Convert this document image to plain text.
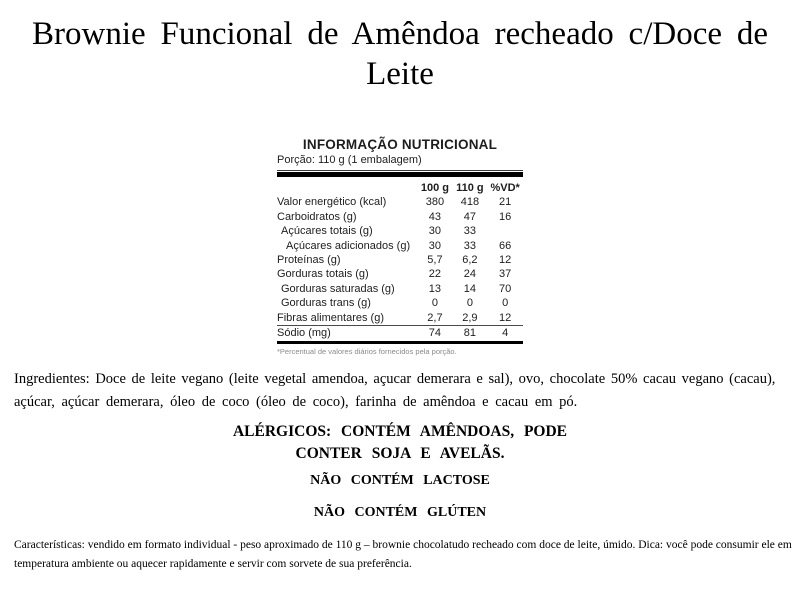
Brownie Funcional de Amêndoa recheado c/Doce de
Leite
INFORMAÇÃO NUTRICIONAL
Porção: 110 g (1 embalagem)
	100 g	110 g	%VD*
Valor energético (kcal)	380	418	21
Carboidratos (g)	43	47	16
Açúcares totais (g)	30	33	
Açúcares adicionados (g)	30	33	66
Proteínas (g)	5,7	6,2	12
Gorduras totais (g)	22	24	37
Gorduras saturadas (g)	13	14	70
Gorduras trans (g)	0	0	0
Fibras alimentares (g)	2,7	2,9	12
Sódio (mg)	74	81	4
*Percentual de valores diários fornecidos pela porção.
Ingredientes: Doce de leite vegano (leite vegetal amendoa, açucar demerara e sal), ovo, chocolate 50% cacau vegano (cacau),
açúcar, açúcar demerara, óleo de coco (óleo de coco), farinha de amêndoa e cacau em pó.
ALÉRGICOS: CONTÉM AMÊNDOAS, PODE
CONTER SOJA E AVELÃS.
NÃO CONTÉM LACTOSE
NÃO CONTÉM GLÚTEN
Características: vendido em formato individual - peso aproximado de 110 g – brownie chocolatudo recheado com doce de leite, úmido. Dica: você pode consumir ele em
temperatura ambiente ou aquecer rapidamente e servir com sorvete de sua preferência.
